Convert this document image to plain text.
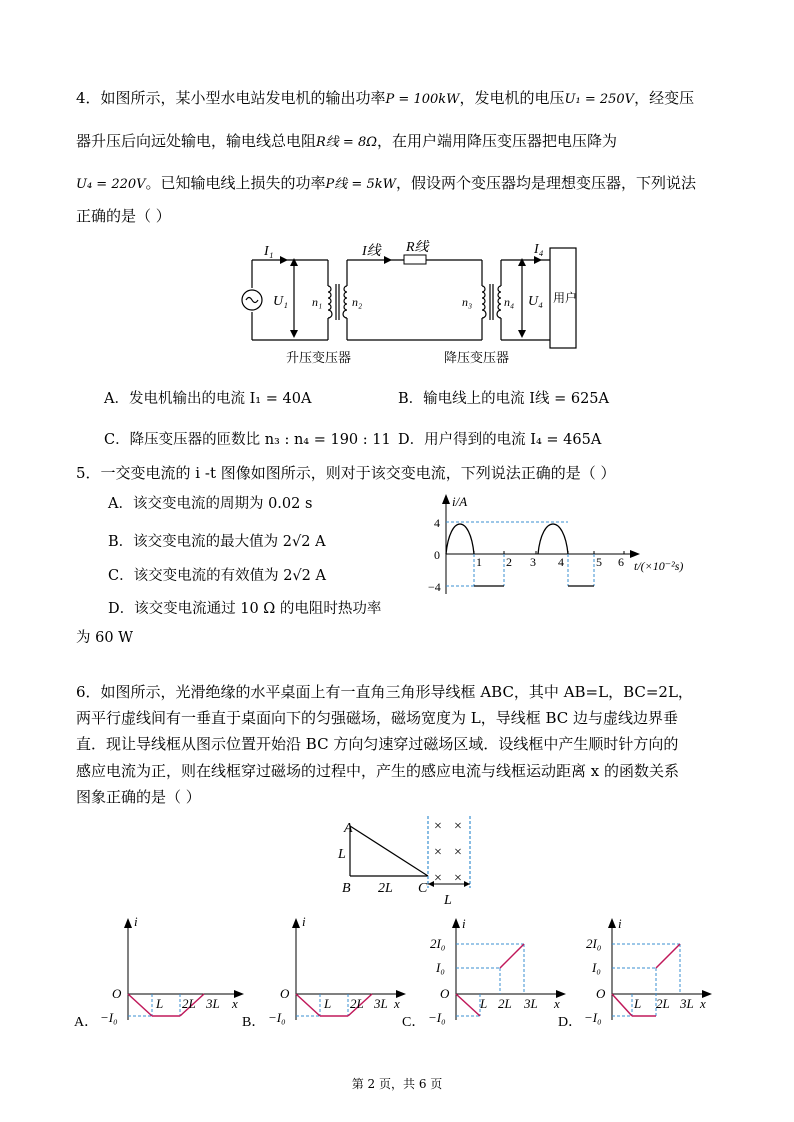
4．如图所示，某小型水电站发电机的输出功率P = 100kW，发电机的电压U₁ = 250V，经变压
器升压后向远处输电，输电线总电阻R线 = 8Ω，在用户端用降压变压器把电压降为
U₄ = 220V。已知输电线上损失的功率P线 = 5kW，假设两个变压器均是理想变压器，下列说法
正确的是（ ）
I₁	I线 R线	I₄
U₁ n₁ n₂	n₃	n₄ U₄ 用户
升压变压器	降压变压器
A．发电机输出的电流 I₁ = 40A	B．输电线上的电流 I线 = 625A
C．降压变压器的匝数比 n₃ : n₄ = 190 : 11 D．用户得到的电流 I₄ = 465A
5．一交变电流的 i -t 图像如图所示，则对于该交变电流，下列说法正确的是（ ）
A．该交变电流的周期为 0.02 s
B．该交变电流的最大值为 2√2 A
C．该交变电流的有效值为 2√2 A
D．该交变电流通过 10 Ω 的电阻时热功率
为 60 W
i/A
4
0
−4
1 2 3 4	5 6 t/(×10⁻²s)
6．如图所示，光滑绝缘的水平桌面上有一直角三角形导线框 ABC，其中 AB=L，BC=2L，
两平行虚线间有一垂直于桌面向下的匀强磁场，磁场宽度为 L，导线框 BC 边与虚线边界垂
直．现让导线框从图示位置开始沿 BC 方向匀速穿过磁场区域．设线框中产生顺时针方向的
感应电流为正，则在线框穿过磁场的过程中，产生的感应电流与线框运动距离 x 的函数关系
图象正确的是（ ）
A
B	C
L
2L
L
× ×
× ×
× ×
i
O
x
L 2L 3L
−I₀
A．
i
O
x
L 2L 3L
−I₀
B．
i
2I₀
I₀
O
x
L 2L 3L
−I₀
C．
i
2I₀
I₀
O
x
L 2L 3L
−I₀
D．
第 2 页，共 6 页
